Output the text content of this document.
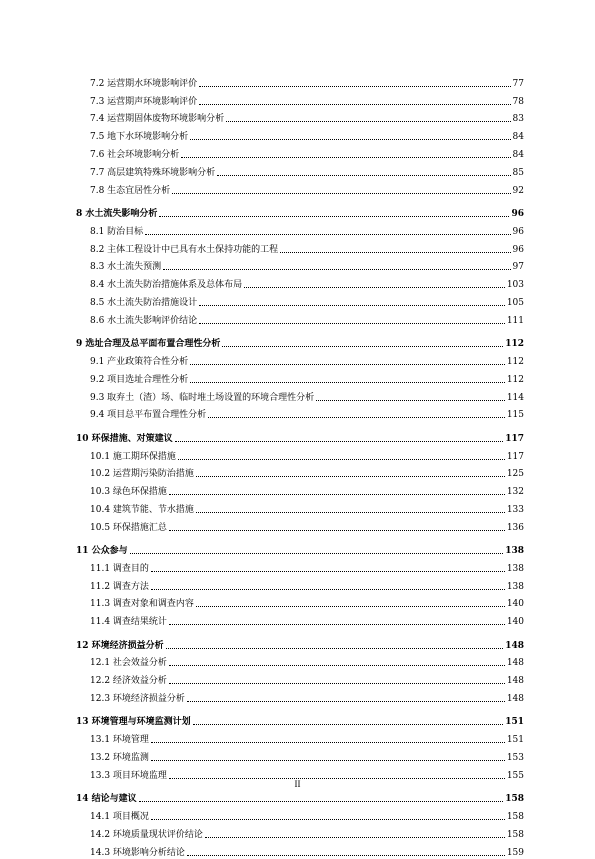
7.2 运营期水环境影响评价	77
7.3 运营期声环境影响评价	78
7.4 运营期固体废物环境影响分析	83
7.5 地下水环境影响分析	84
7.6 社会环境影响分析	84
7.7 高层建筑特殊环境影响分析	85
7.8 生态宜居性分析	92
8 水土流失影响分析	96
8.1 防治目标	96
8.2 主体工程设计中已具有水土保持功能的工程	96
8.3 水土流失预测	97
8.4 水土流失防治措施体系及总体布局	103
8.5 水土流失防治措施设计	105
8.6 水土流失影响评价结论	111
9 选址合理及总平面布置合理性分析	112
9.1 产业政策符合性分析	112
9.2 项目选址合理性分析	112
9.3 取弃土（渣）场、临时堆土场设置的环境合理性分析	114
9.4 项目总平布置合理性分析	115
10 环保措施、对策建议	117
10.1 施工期环保措施	117
10.2 运营期污染防治措施	125
10.3 绿色环保措施	132
10.4 建筑节能、节水措施	133
10.5 环保措施汇总	136
11 公众参与	138
11.1 调查目的	138
11.2 调查方法	138
11.3 调查对象和调查内容	140
11.4 调查结果统计	140
12 环境经济损益分析	148
12.1 社会效益分析	148
12.2 经济效益分析	148
12.3 环境经济损益分析	148
13 环境管理与环境监测计划	151
13.1 环境管理	151
13.2 环境监测	153
13.3 项目环境监理	155
14 结论与建议	158
14.1 项目概况	158
14.2 环境质量现状评价结论	158
14.3 环境影响分析结论	159
II
